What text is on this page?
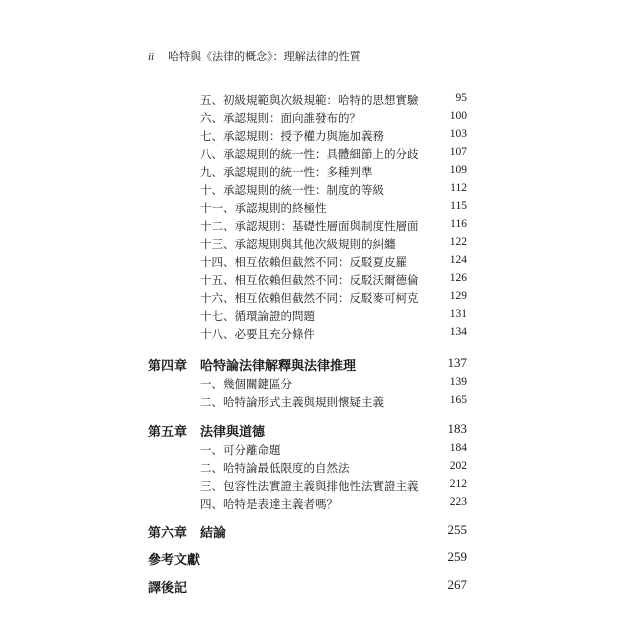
ii 哈特與《法律的概念》：理解法律的性質
五、初級規範與次級規範：哈特的思想實驗	95
六、承認規則：面向誰發布的？	100
七、承認規則：授予權力與施加義務	103
八、承認規則的統一性：具體細節上的分歧	107
九、承認規則的統一性：多種判準	109
十、承認規則的統一性：制度的等級	112
十一、承認規則的終極性	115
十二、承認規則：基礎性層面與制度性層面	116
十三、承認規則與其他次級規則的糾纏	122
十四、相互依賴但截然不同：反駁夏皮羅	124
十五、相互依賴但截然不同：反駁沃爾德倫	126
十六、相互依賴但截然不同：反駁麥可柯克	129
十七、循環論證的問題	131
十八、必要且充分條件	134
第四章　哈特論法律解釋與法律推理	137
一、幾個關鍵區分	139
二、哈特論形式主義與規則懷疑主義	165
第五章　法律與道德	183
一、可分離命題	184
二、哈特論最低限度的自然法	202
三、包容性法實證主義與排他性法實證主義	212
四、哈特是表達主義者嗎？	223
第六章　結論	255
參考文獻	259
譯後記	267
